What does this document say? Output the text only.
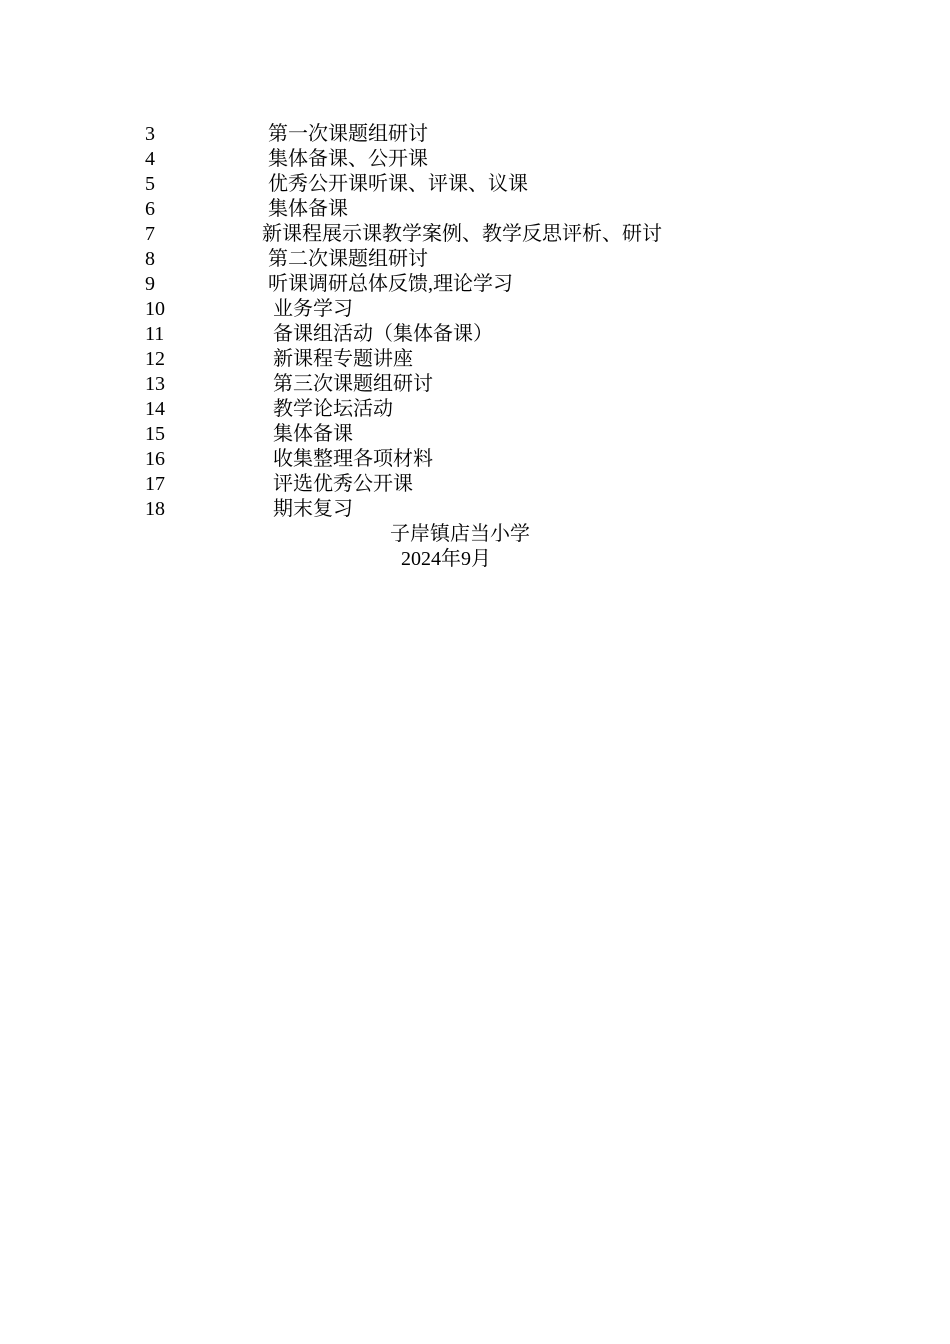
3	第一次课题组研讨
4	集体备课、公开课
5	优秀公开课听课、评课、议课
6	集体备课
7	新课程展示课教学案例、教学反思评析、研讨
8	第二次课题组研讨
9	听课调研总体反馈,理论学习
10	业务学习
11	备课组活动（集体备课）
12	新课程专题讲座
13	第三次课题组研讨
14	教学论坛活动
15	集体备课
16	收集整理各项材料
17	评选优秀公开课
18	期末复习
子岸镇店当小学
2024年9月
